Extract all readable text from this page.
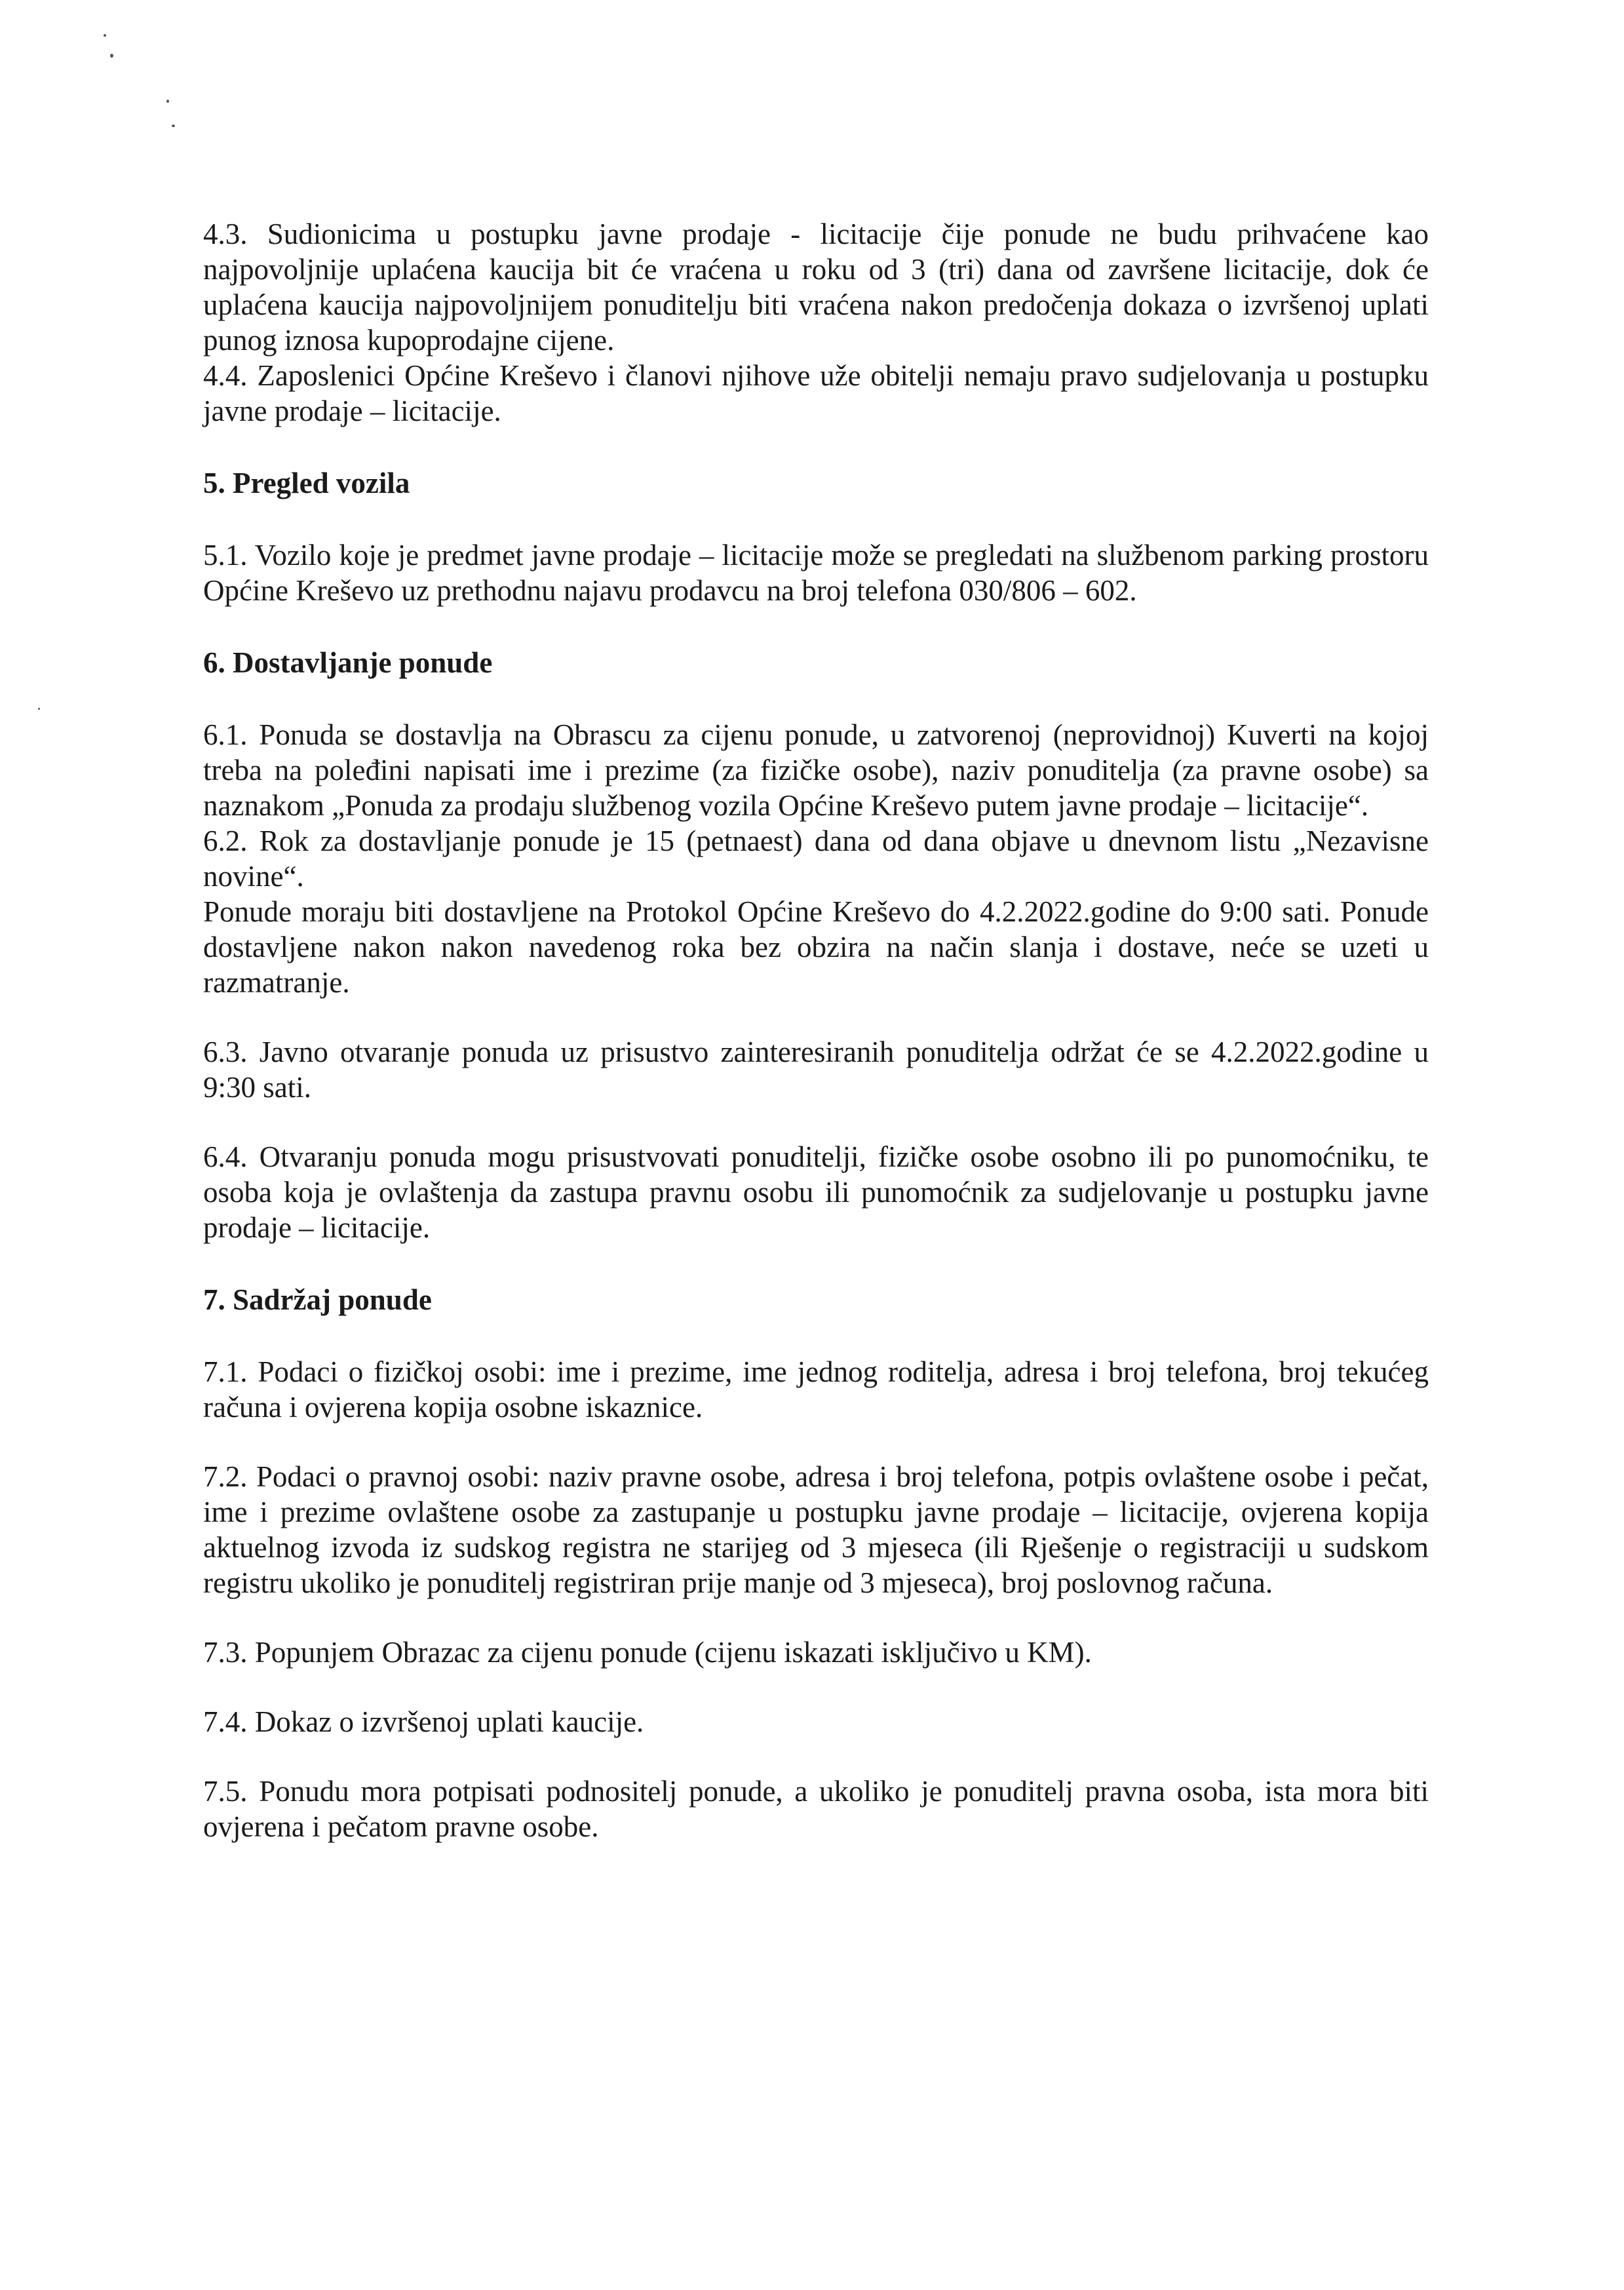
4.3. Sudionicima u postupku javne prodaje - licitacije čije ponude ne budu prihvaćene kao najpovoljnije uplaćena kaucija bit će vraćena u roku od 3 (tri) dana od završene licitacije, dok će uplaćena kaucija najpovoljnijem ponuditelju biti vraćena nakon predočenja dokaza o izvršenoj uplati punog iznosa kupoprodajne cijene.

4.4. Zaposlenici Općine Kreševo i članovi njihove uže obitelji nemaju pravo sudjelovanja u postupku javne prodaje – licitacije.

5. Pregled vozila

5.1. Vozilo koje je predmet javne prodaje – licitacije može se pregledati na službenom parking prostoru Općine Kreševo uz prethodnu najavu prodavcu na broj telefona 030/806 – 602.

6. Dostavljanje ponude

6.1. Ponuda se dostavlja na Obrascu za cijenu ponude, u zatvorenoj (neprovidnoj) Kuverti na kojoj treba na poleđini napisati ime i prezime (za fizičke osobe), naziv ponuditelja (za pravne osobe) sa naznakom „Ponuda za prodaju službenog vozila Općine Kreševo putem javne prodaje – licitacije“.

6.2. Rok za dostavljanje ponude je 15 (petnaest) dana od dana objave u dnevnom listu „Nezavisne novine“.

Ponude moraju biti dostavljene na Protokol Općine Kreševo do 4.2.2022.godine do 9:00 sati. Ponude dostavljene nakon nakon navedenog roka bez obzira na način slanja i dostave, neće se uzeti u razmatranje.

6.3. Javno otvaranje ponuda uz prisustvo zainteresiranih ponuditelja održat će se 4.2.2022.godine u 9:30 sati.

6.4. Otvaranju ponuda mogu prisustvovati ponuditelji, fizičke osobe osobno ili po punomoćniku, te osoba koja je ovlaštenja da zastupa pravnu osobu ili punomoćnik za sudjelovanje u postupku javne prodaje – licitacije.

7. Sadržaj ponude

7.1. Podaci o fizičkoj osobi: ime i prezime, ime jednog roditelja, adresa i broj telefona, broj tekućeg računa i ovjerena kopija osobne iskaznice.

7.2. Podaci o pravnoj osobi: naziv pravne osobe, adresa i broj telefona, potpis ovlaštene osobe i pečat, ime i prezime ovlaštene osobe za zastupanje u postupku javne prodaje – licitacije, ovjerena kopija aktuelnog izvoda iz sudskog registra ne starijeg od 3 mjeseca (ili Rješenje o registraciji u sudskom registru ukoliko je ponuditelj registriran prije manje od 3 mjeseca), broj poslovnog računa.

7.3. Popunjem Obrazac za cijenu ponude (cijenu iskazati isključivo u KM).

7.4. Dokaz o izvršenoj uplati kaucije.

7.5. Ponudu mora potpisati podnositelj ponude, a ukoliko je ponuditelj pravna osoba, ista mora biti ovjerena i pečatom pravne osobe.
